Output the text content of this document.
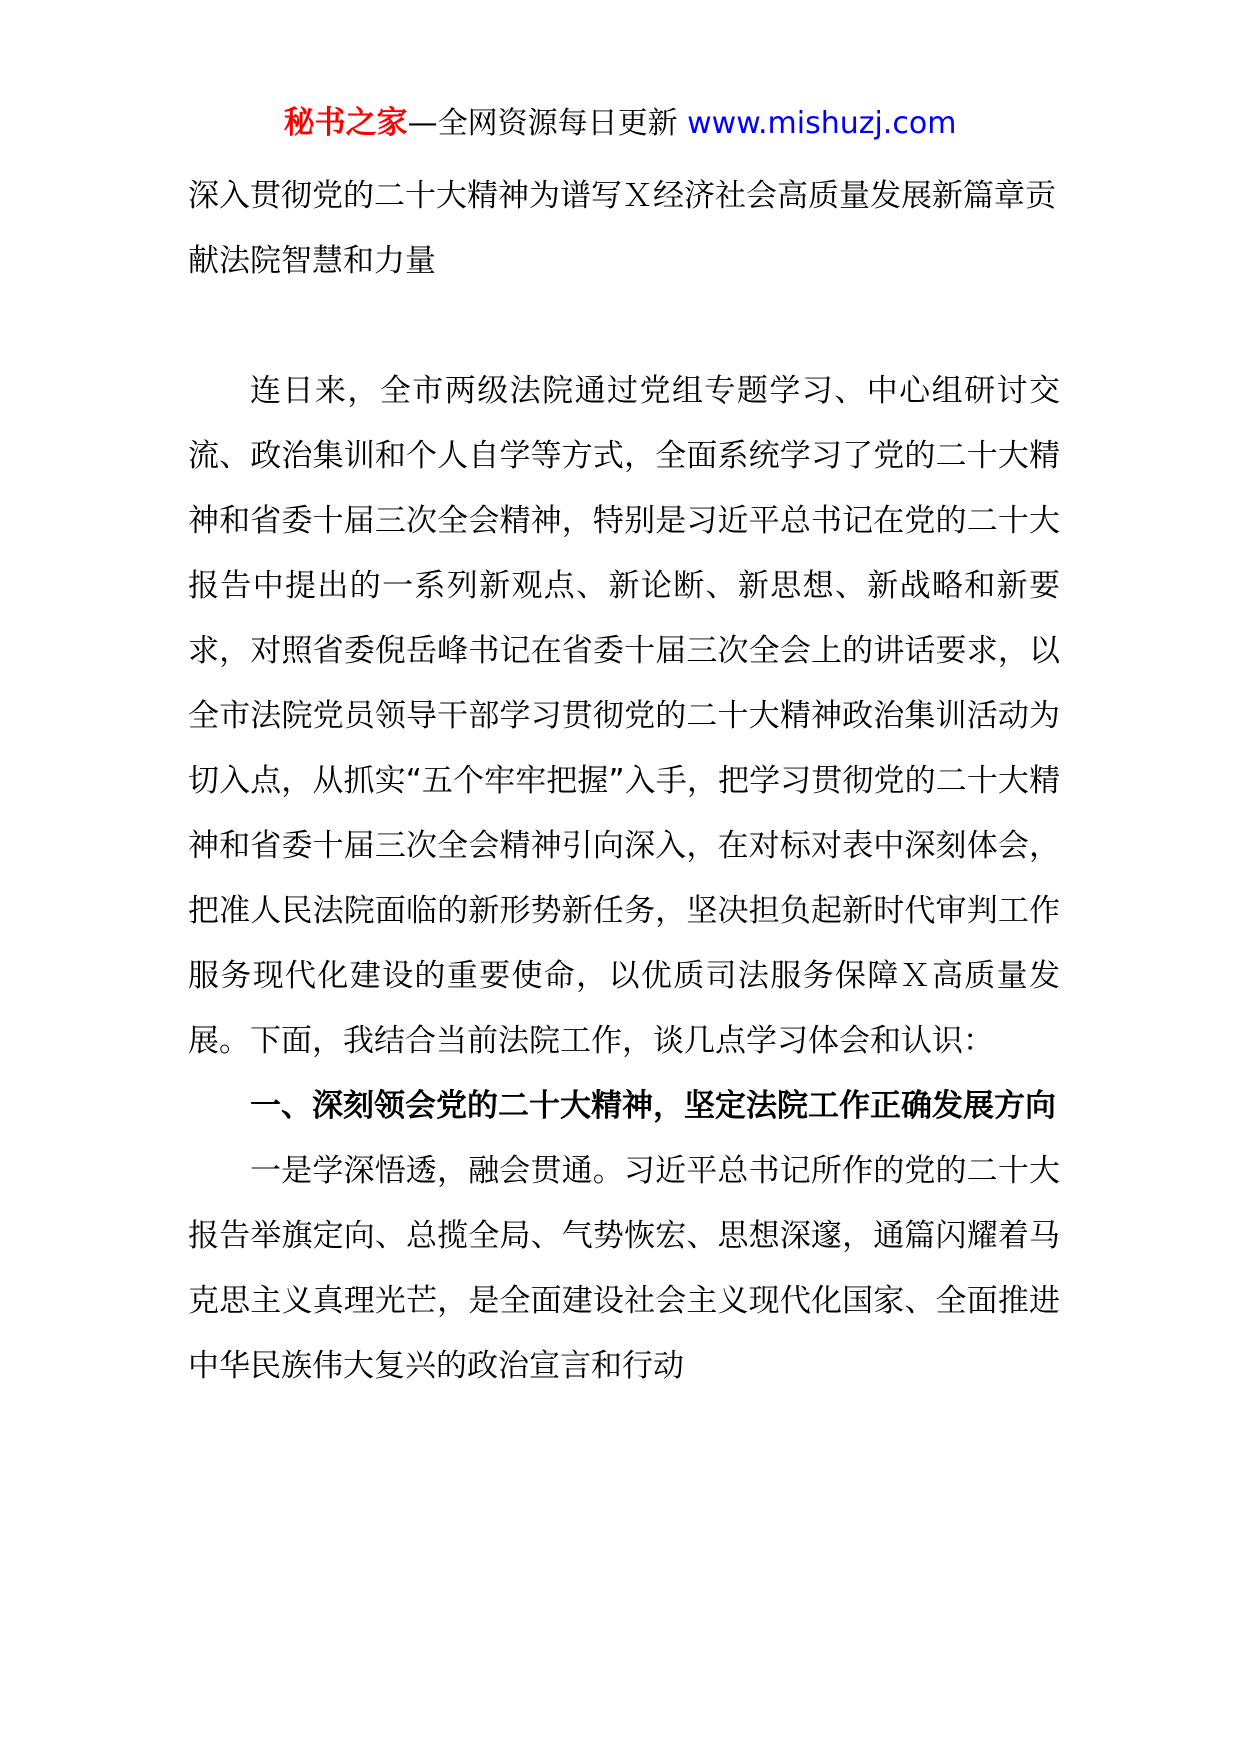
秘书之家—全网资源每日更新 www.mishuzj.com

深入贯彻党的二十大精神为谱写Ｘ经济社会高质量发展新篇章贡献法院智慧和力量

连日来，全市两级法院通过党组专题学习、中心组研讨交流、政治集训和个人自学等方式，全面系统学习了党的二十大精神和省委十届三次全会精神，特别是习近平总书记在党的二十大报告中提出的一系列新观点、新论断、新思想、新战略和新要求，对照省委倪岳峰书记在省委十届三次全会上的讲话要求，以全市法院党员领导干部学习贯彻党的二十大精神政治集训活动为切入点，从抓实“五个牢牢把握”入手，把学习贯彻党的二十大精神和省委十届三次全会精神引向深入，在对标对表中深刻体会，把准人民法院面临的新形势新任务，坚决担负起新时代审判工作服务现代化建设的重要使命，以优质司法服务保障Ｘ高质量发展。下面，我结合当前法院工作，谈几点学习体会和认识：

一、深刻领会党的二十大精神，坚定法院工作正确发展方向

一是学深悟透，融会贯通。习近平总书记所作的党的二十大报告举旗定向、总揽全局、气势恢宏、思想深邃，通篇闪耀着马克思主义真理光芒，是全面建设社会主义现代化国家、全面推进中华民族伟大复兴的政治宣言和行动
